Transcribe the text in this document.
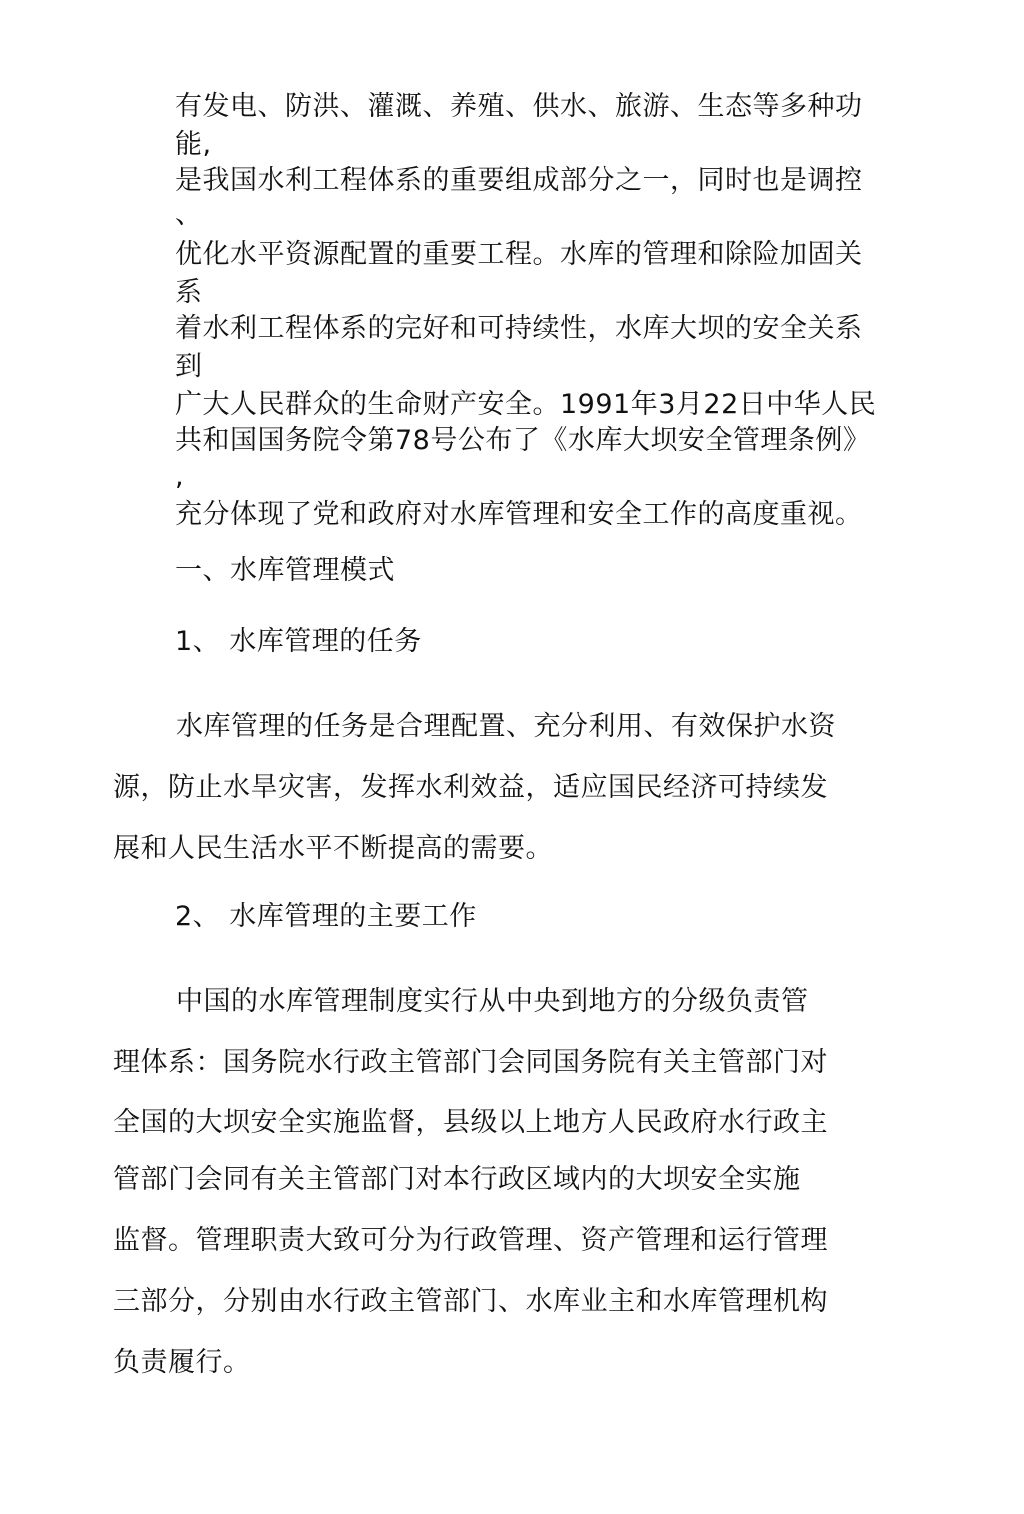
有发电、防洪、灌溉、养殖、供水、旅游、生态等多种功
能,
是我国水利工程体系的重要组成部分之一，同时也是调控
、
优化水平资源配置的重要工程。水库的管理和除险加固关
系
着水利工程体系的完好和可持续性，水库大坝的安全关系
到
广大人民群众的生命财产安全。1991年3月22日中华人民
共和国国务院令第78号公布了《水库大坝安全管理条例》
,
充分体现了党和政府对水库管理和安全工作的高度重视。
一、水库管理模式
1、 水库管理的任务
水库管理的任务是合理配置、充分利用、有效保护水资
源，防止水旱灾害，发挥水利效益，适应国民经济可持续发
展和人民生活水平不断提高的需要。
2、 水库管理的主要工作
中国的水库管理制度实行从中央到地方的分级负责管
理体系：国务院水行政主管部门会同国务院有关主管部门对
全国的大坝安全实施监督，县级以上地方人民政府水行政主
管部门会同有关主管部门对本行政区域内的大坝安全实施
监督。管理职责大致可分为行政管理、资产管理和运行管理
三部分，分别由水行政主管部门、水库业主和水库管理机构
负责履行。
